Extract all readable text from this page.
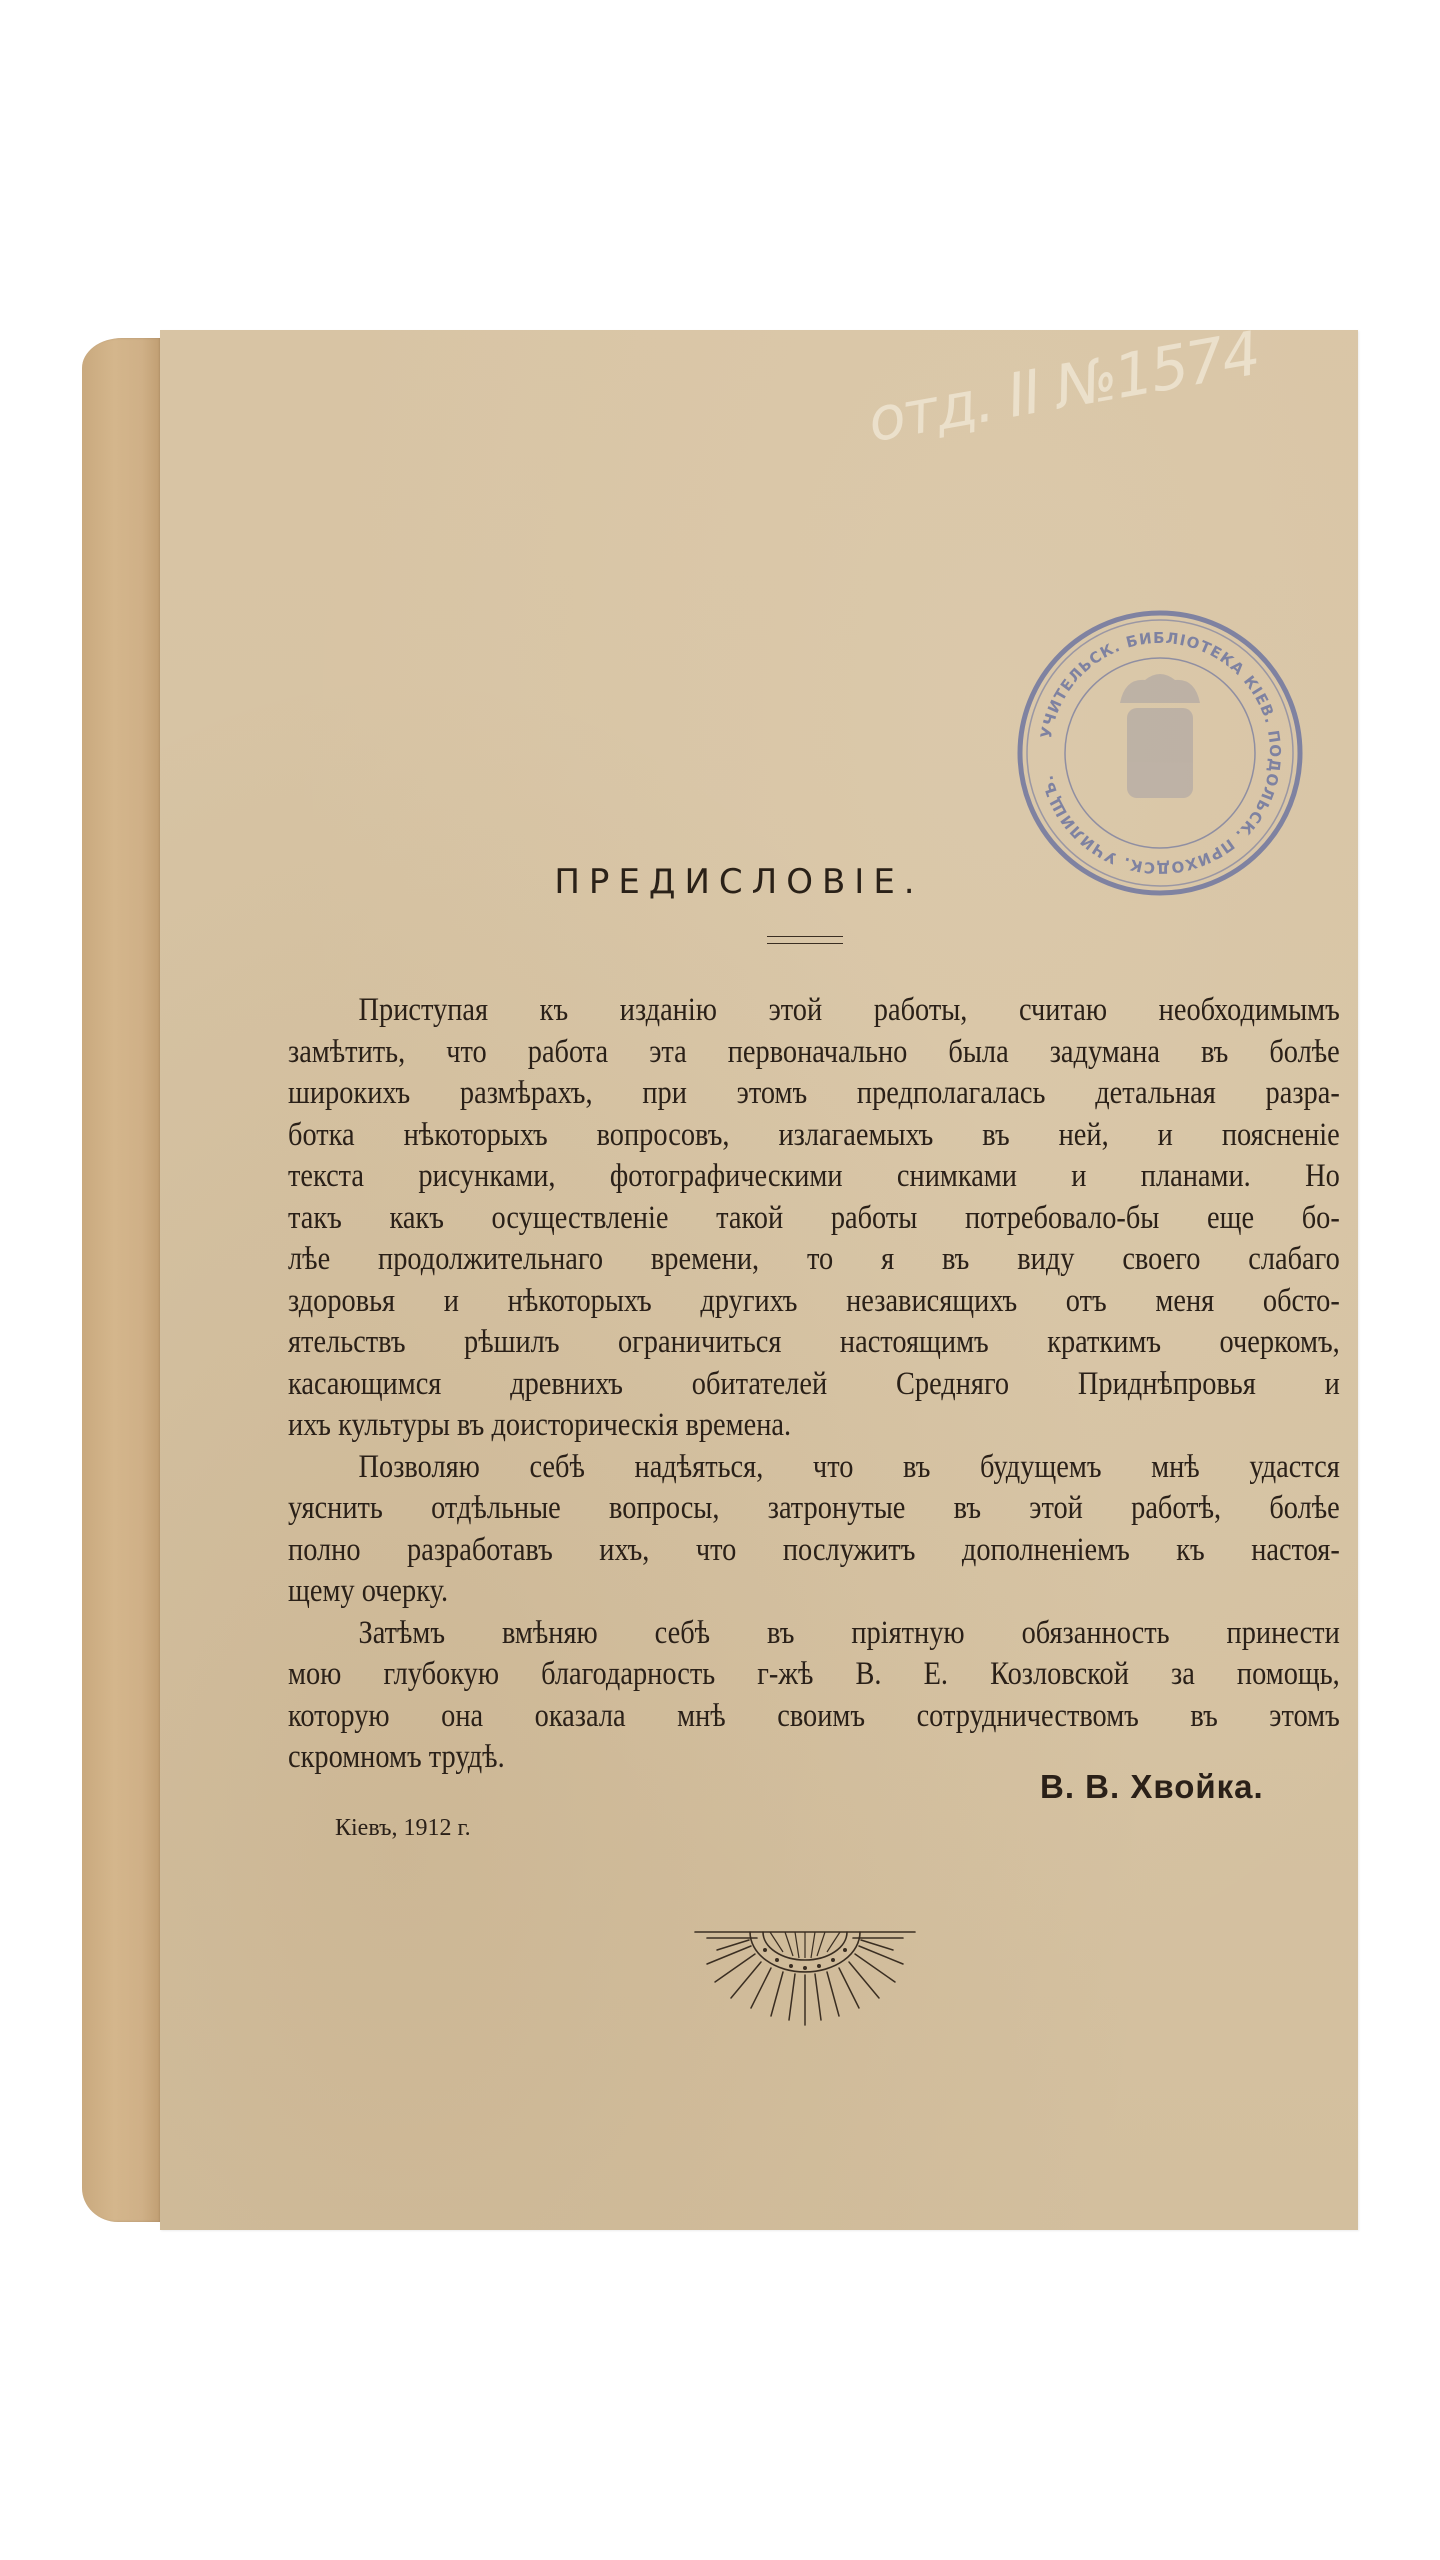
отд. II №1574
УЧИТЕЛЬСК. БИБЛIОТЕКА КIЕВ. ПОДОЛЬСК. ПРИХОДСК. УЧИЛИЩЪ.
ПРЕДИСЛОВIЕ.
Приступая къ изданiю этой работы, считаю необходимымъ
замѣтить, что работа эта первоначально была задумана въ болѣе
широкихъ размѣрахъ, при этомъ предполагалась детальная разра-
ботка нѣкоторыхъ вопросовъ, излагаемыхъ въ ней, и поясненiе
текста рисунками, фотографическими снимками и планами. Но
такъ какъ осуществленiе такой работы потребовало-бы еще бо-
лѣе продолжительнаго времени, то я въ виду своего слабаго
здоровья и нѣкоторыхъ другихъ независящихъ отъ меня обсто-
ятельствъ рѣшилъ ограничиться настоящимъ краткимъ очеркомъ,
касающимся древнихъ обитателей Средняго Приднѣпровья и
ихъ культуры въ доисторическiя времена.
Позволяю себѣ надѣяться, что въ будущемъ мнѣ удастся
уяснить отдѣльные вопросы, затронутые въ этой работѣ, болѣе
полно разработавъ ихъ, что послужитъ дополненiемъ къ настоя-
щему очерку.
Затѣмъ вмѣняю себѣ въ прiятную обязанность принести
мою глубокую благодарность г-жѣ В. Е. Козловской за помощь,
которую она оказала мнѣ своимъ сотрудничествомъ въ этомъ
скромномъ трудѣ.
В. В. Хвойка.
Кiевъ, 1912 г.
